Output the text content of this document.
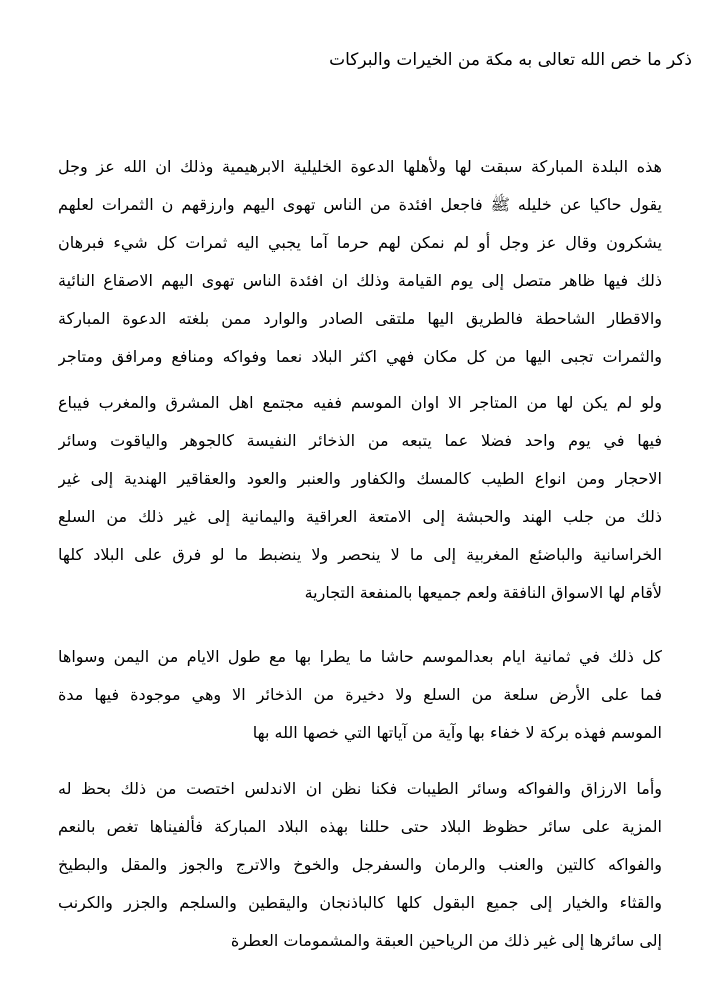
ذكر ما خص الله تعالى به مكة من الخيرات والبركات
هذه البلدة المباركة سبقت لها ولأهلها الدعوة الخليلية الابرهيمية وذلك ان الله عز وجل
يقول حاكيا عن خليله ﷺ فاجعل افئدة من الناس تهوى اليهم وارزقهم ن الثمرات لعلهم
يشكرون وقال عز وجل أو لم نمكن لهم حرما آما يجبي اليه ثمرات كل شيء فبرهان
ذلك فيها ظاهر متصل إلى يوم القيامة وذلك ان افئدة الناس تهوى اليهم الاصقاع النائية
والاقطار الشاحطة فالطريق اليها ملتقى الصادر والوارد ممن بلغته الدعوة المباركة
والثمرات تجبى اليها من كل مكان فهي اكثر البلاد نعما وفواكه ومنافع ومرافق ومتاجر
ولو لم يكن لها من المتاجر الا اوان الموسم ففيه مجتمع اهل المشرق والمغرب فيباع
فيها في يوم واحد فضلا عما يتبعه من الذخائر النفيسة كالجوهر والياقوت وسائر
الاحجار ومن انواع الطيب كالمسك والكفاور والعنبر والعود والعقاقير الهندية إلى غير
ذلك من جلب الهند والحبشة إلى الامتعة العراقية واليمانية إلى غير ذلك من السلع
الخراسانية والباضئع المغربية إلى ما لا ينحصر ولا ينضبط ما لو فرق على البلاد كلها
لأقام لها الاسواق النافقة ولعم جميعها بالمنفعة التجارية
كل ذلك في ثمانية ايام بعدالموسم حاشا ما يطرا بها مع طول الايام من اليمن وسواها
فما على الأرض سلعة من السلع ولا دخيرة من الذخائر الا وهي موجودة فيها مدة
الموسم فهذه بركة لا خفاء بها وآية من آياتها التي خصها الله بها
وأما الارزاق والفواكه وسائر الطيبات فكنا نظن ان الاندلس اختصت من ذلك بحظ له
المزية على سائر حظوظ البلاد حتى حللنا بهذه البلاد المباركة فألفيناها تغص بالنعم
والفواكه كالتين والعنب والرمان والسفرجل والخوخ والاترج والجوز والمقل والبطيخ
والقثاء والخيار إلى جميع البقول كلها كالباذنجان واليقطين والسلجم والجزر والكرنب
إلى سائرها إلى غير ذلك من الرياحين العبقة والمشمومات العطرة
